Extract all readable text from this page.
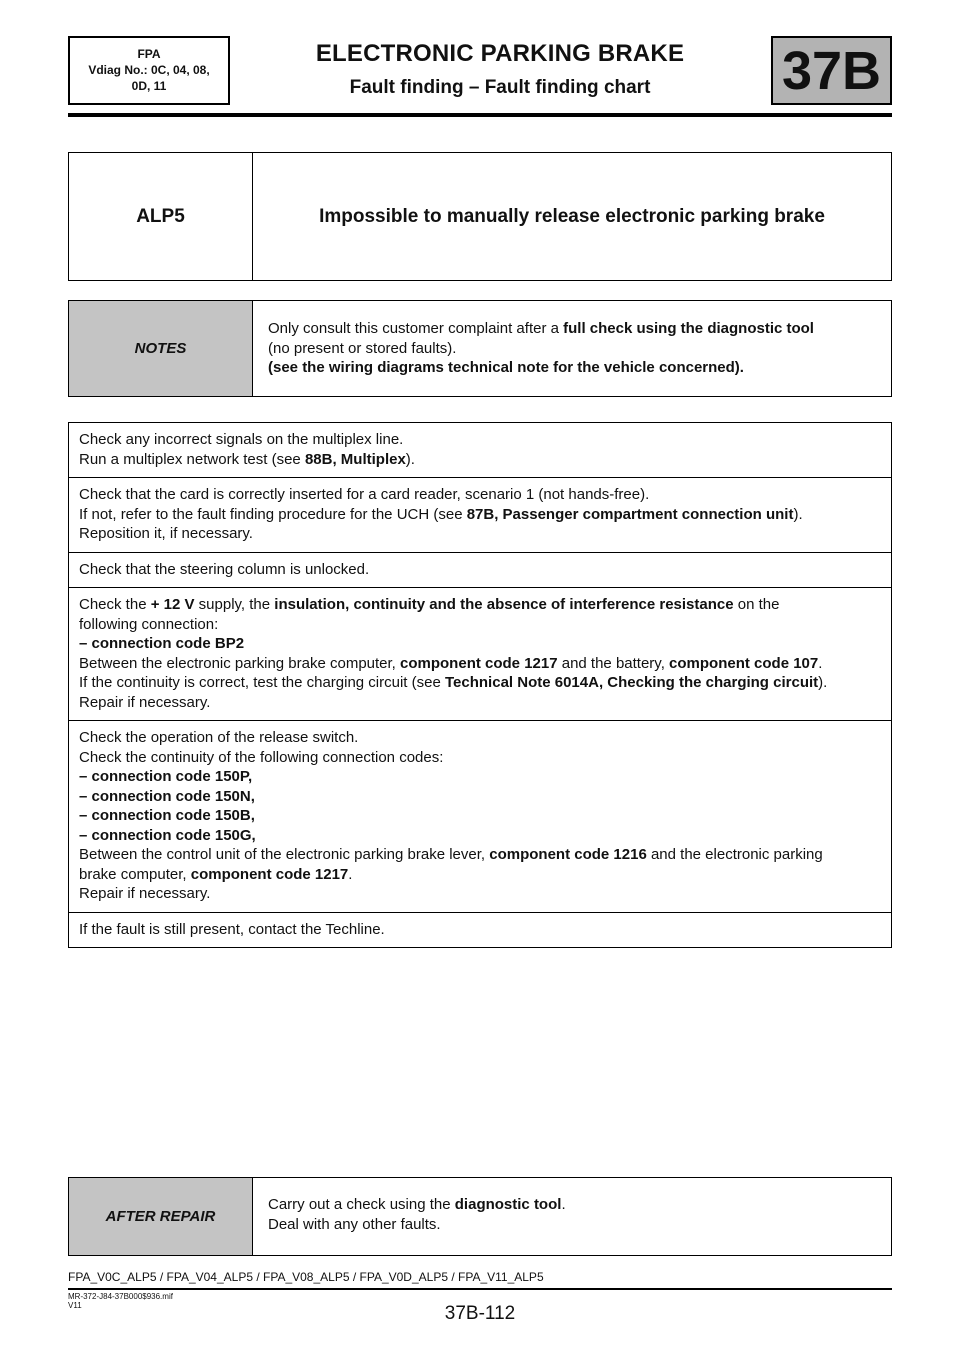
FPA
Vdiag No.: 0C, 04, 08,
0D, 11
ELECTRONIC PARKING BRAKE
Fault finding – Fault finding chart	37B
ALP5	Impossible to manually release electronic parking brake
NOTES
Only consult this customer complaint after a full check using the diagnostic tool
(no present or stored faults).
(see the wiring diagrams technical note for the vehicle concerned).
Check any incorrect signals on the multiplex line.
Run a multiplex network test (see 88B, Multiplex).
Check that the card is correctly inserted for a card reader, scenario 1 (not hands-free).
If not, refer to the fault finding procedure for the UCH (see 87B, Passenger compartment connection unit).
Reposition it, if necessary.
Check that the steering column is unlocked.
Check the + 12 V supply, the insulation, continuity and the absence of interference resistance on the
following connection:
– connection code BP2
Between the electronic parking brake computer, component code 1217 and the battery, component code 107.
If the continuity is correct, test the charging circuit (see Technical Note 6014A, Checking the charging circuit).
Repair if necessary.
Check the operation of the release switch.
Check the continuity of the following connection codes:
– connection code 150P,
– connection code 150N,
– connection code 150B,
– connection code 150G,
Between the control unit of the electronic parking brake lever, component code 1216 and the electronic parking
brake computer, component code 1217.
Repair if necessary.
If the fault is still present, contact the Techline.
AFTER REPAIR
Carry out a check using the diagnostic tool.
Deal with any other faults.
FPA_V0C_ALP5 / FPA_V04_ALP5 / FPA_V08_ALP5 / FPA_V0D_ALP5 / FPA_V11_ALP5
MR-372-J84-37B000$936.mif
V11	37B-112
